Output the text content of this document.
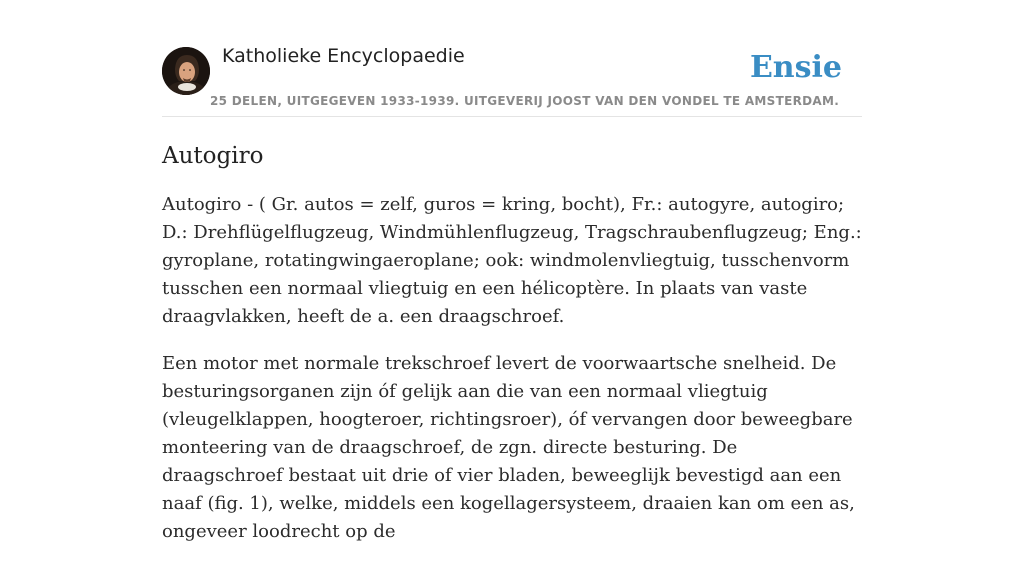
Katholieke Encyclopaedie	Ensie
25 DELEN, UITGEGEVEN 1933-1939. UITGEVERIJ JOOST VAN DEN VONDEL TE AMSTERDAM.
Autogiro

Autogiro - ( Gr. autos = zelf, guros = kring, bocht), Fr.: autogyre, autogiro; D.: Drehflügelflugzeug, Windmühlenflugzeug, Tragschraubenflugzeug; Eng.: gyroplane, rotatingwingaeroplane; ook: windmolenvliegtuig, tusschenvorm tusschen een normaal vliegtuig en een hélicoptère. In plaats van vaste draagvlakken, heeft de a. een draagschroef.

Een motor met normale trekschroef levert de voorwaartsche snelheid. De besturingsorganen zijn óf gelijk aan die van een normaal vliegtuig (vleugelklappen, hoogteroer, richtingsroer), óf vervangen door beweegbare monteering van de draagschroef, de zgn. directe besturing. De draagschroef bestaat uit drie of vier bladen, beweeglijk bevestigd aan een naaf (fig. 1), welke, middels een kogellagersysteem, draaien kan om een as, ongeveer loodrecht op de
